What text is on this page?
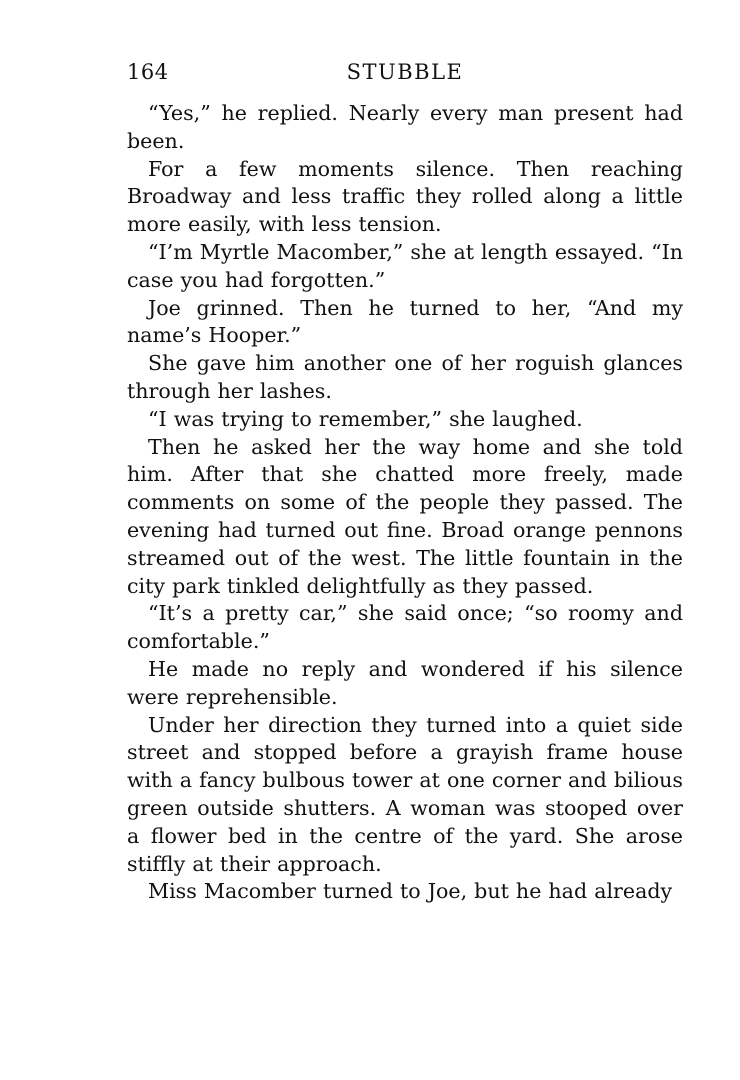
164	STUBBLE

“Yes,” he replied. Nearly every man present had been.

For a few moments silence. Then reaching Broadway and less traffic they rolled along a little more easily, with less tension.

“I’m Myrtle Macomber,” she at length essayed. “In case you had forgotten.”

Joe grinned. Then he turned to her, “And my name’s Hooper.”

She gave him another one of her roguish glances through her lashes.

“I was trying to remember,” she laughed.

Then he asked her the way home and she told him. After that she chatted more freely, made comments on some of the people they passed. The evening had turned out fine. Broad orange pennons streamed out of the west. The little fountain in the city park tinkled delightfully as they passed.

“It’s a pretty car,” she said once; “so roomy and comfortable.”

He made no reply and wondered if his silence were reprehensible.

Under her direction they turned into a quiet side street and stopped before a grayish frame house with a fancy bulbous tower at one corner and bilious green outside shutters. A woman was stooped over a flower bed in the centre of the yard. She arose stiffly at their approach.

Miss Macomber turned to Joe, but he had already
